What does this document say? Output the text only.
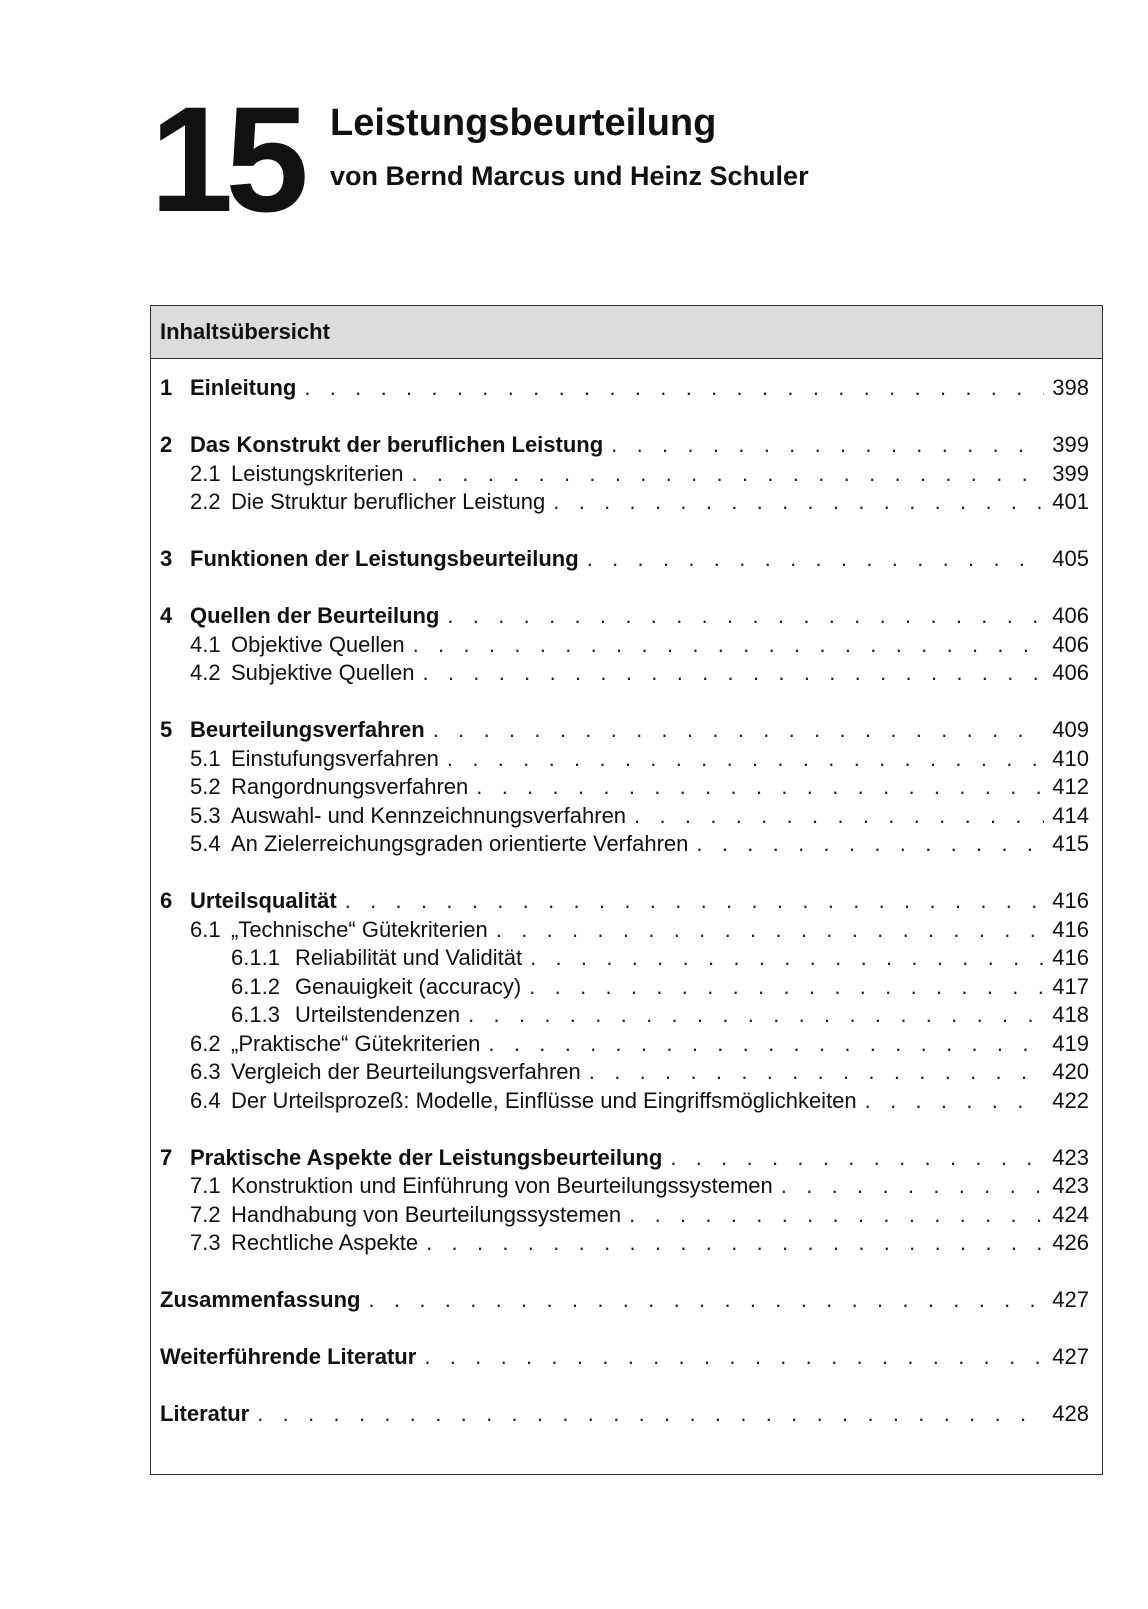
15 Leistungsbeurteilung
von Bernd Marcus und Heinz Schuler
Inhaltsübersicht
1 Einleitung . . .	398
2 Das Konstrukt der beruflichen Leistung . . .	399
2.1 Leistungskriterien . . .	399
2.2 Die Struktur beruflicher Leistung . . .	401
3 Funktionen der Leistungsbeurteilung . . .	405
4 Quellen der Beurteilung . . .	406
4.1 Objektive Quellen . . .	406
4.2 Subjektive Quellen . . .	406
5 Beurteilungsverfahren . . .	409
5.1 Einstufungsverfahren . . .	410
5.2 Rangordnungsverfahren . . .	412
5.3 Auswahl- und Kennzeichnungsverfahren . . .	414
5.4 An Zielerreichungsgraden orientierte Verfahren . . .	415
6 Urteilsqualität . . .	416
6.1 „Technische“ Gütekriterien . . .	416
6.1.1 Reliabilität und Validität . . .	416
6.1.2 Genauigkeit (accuracy) . . .	417
6.1.3 Urteilstendenzen . . .	418
6.2 „Praktische“ Gütekriterien . . .	419
6.3 Vergleich der Beurteilungsverfahren . . .	420
6.4 Der Urteilsprozeß: Modelle, Einflüsse und Eingriffsmöglichkeiten . . .	422
7 Praktische Aspekte der Leistungsbeurteilung . . .	423
7.1 Konstruktion und Einführung von Beurteilungssystemen . . .	423
7.2 Handhabung von Beurteilungssystemen . . .	424
7.3 Rechtliche Aspekte . . .	426
Zusammenfassung . . .	427
Weiterführende Literatur . . .	427
Literatur . . .	428
